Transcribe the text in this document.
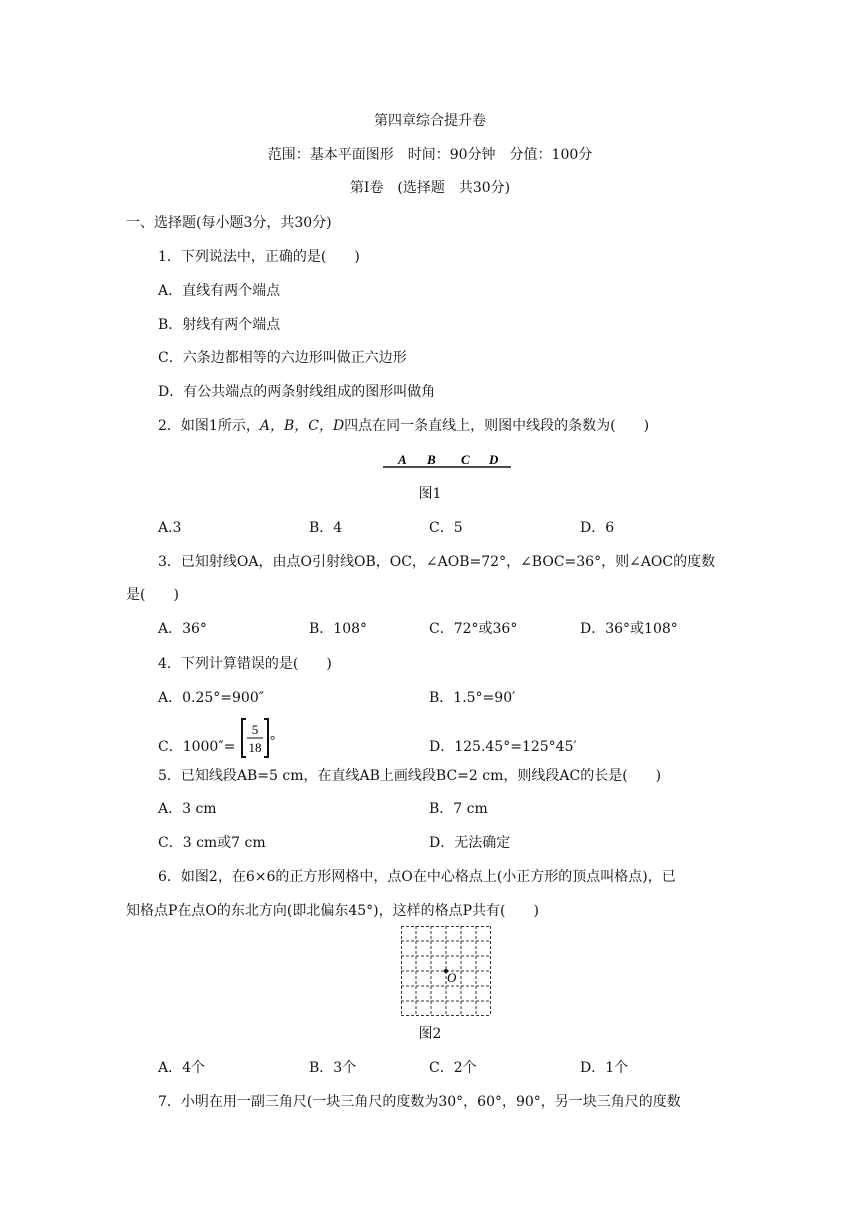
第四章综合提升卷
范围：基本平面图形　时间：90分钟　分值：100分
第Ⅰ卷　(选择题　共30分)
一、选择题(每小题3分，共30分)
1．下列说法中，正确的是(　　)
A．直线有两个端点
B．射线有两个端点
C．六条边都相等的六边形叫做正六边形
D．有公共端点的两条射线组成的图形叫做角
2．如图1所示，A，B，C，D四点在同一条直线上，则图中线段的条数为(　　)
A B C D
图1
A.3	B．4	C．5	D．6
3．已知射线OA，由点O引射线OB，OC，∠AOB=72°，∠BOC=36°，则∠AOC的度数
是(　　)
A．36°	B．108°	C．72°或36°	D．36°或108°
4．下列计算错误的是(　　)
A．0.25°=900″	B．1.5°=90′
C．1000″=
5
18
°	D．125.45°=125°45′
5．已知线段AB=5 cm，在直线AB上画线段BC=2 cm，则线段AC的长是(　　)
A．3 cm	B．7 cm
C．3 cm或7 cm	D．无法确定
6．如图2，在6×6的正方形网格中，点O在中心格点上(小正方形的顶点叫格点)，已
知格点P在点O的东北方向(即北偏东45°)，这样的格点P共有(　　)
O
图2
A．4个	B．3个	C．2个	D．1个
7．小明在用一副三角尺(一块三角尺的度数为30°，60°，90°，另一块三角尺的度数
